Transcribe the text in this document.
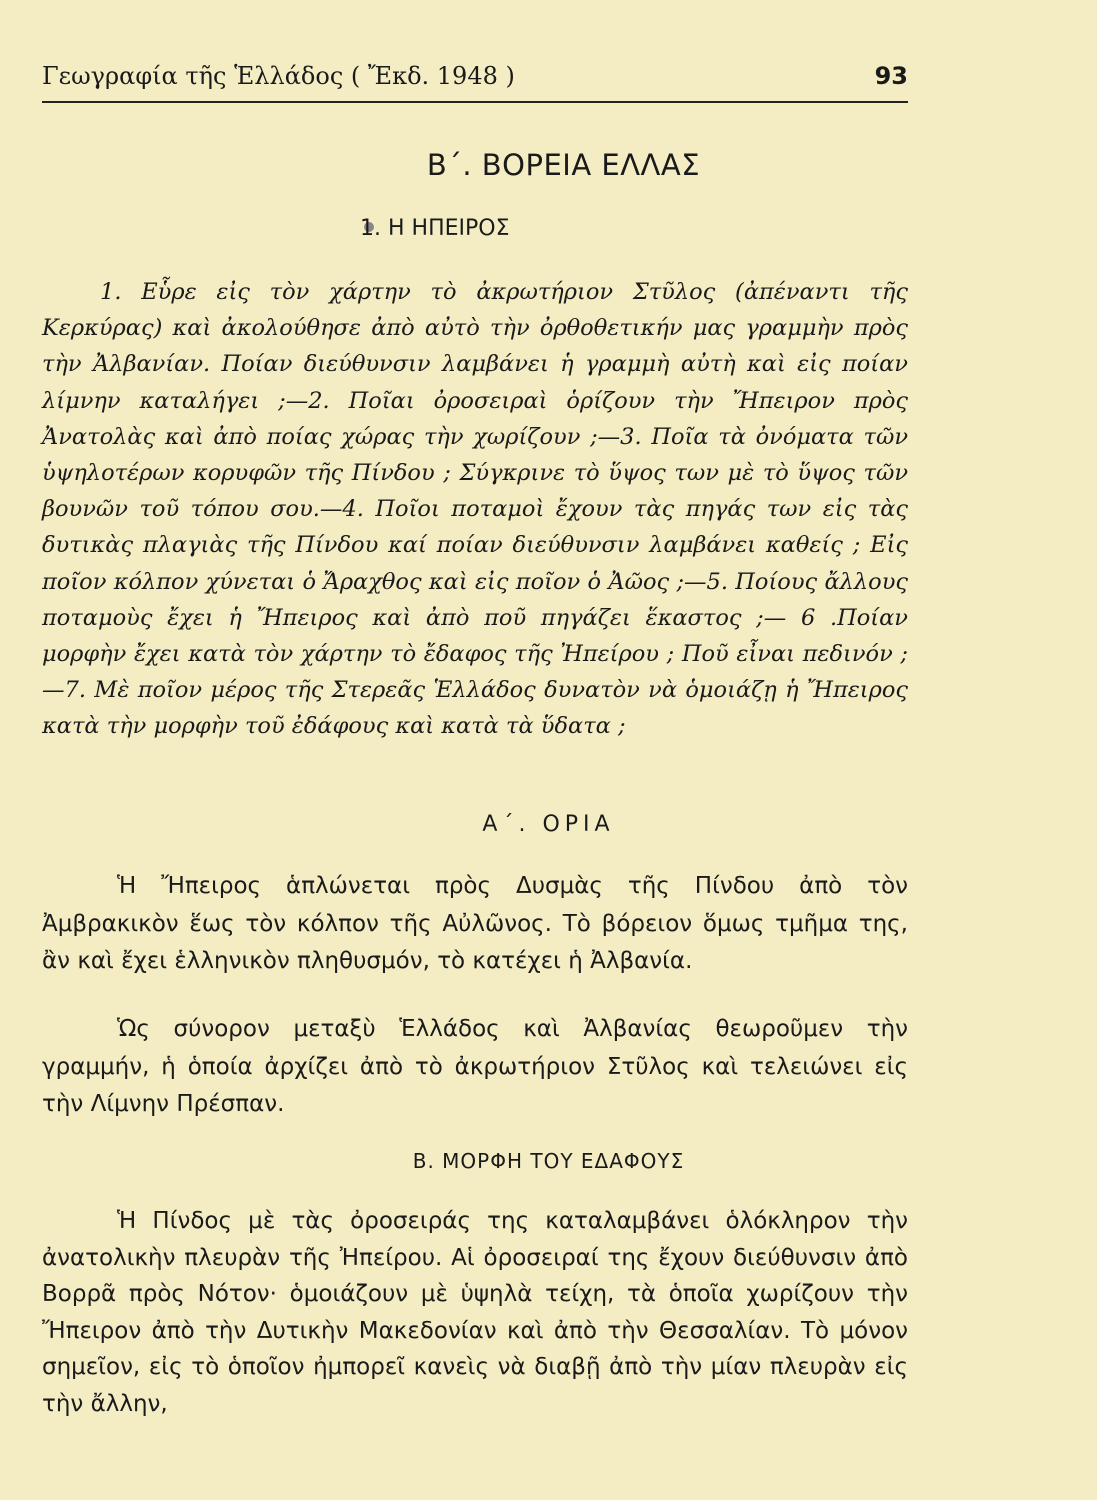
Γεωγραφία τῆς Ἑλλάδος ( Ἔκδ. 1948 )	93
Β΄. ΒΟΡΕΙΑ ΕΛΛΑΣ
1. Η ΗΠΕΙΡΟΣ

1. Εὗρε εἰς τὸν χάρτην τὸ ἀκρωτήριον Στῦλος (ἀπέναντι τῆς Κερκύρας) καὶ ἀκολούθησε ἀπὸ αὐτὸ τὴν ὀρθοθετικήν μας γραμμὴν πρὸς τὴν Ἀλβανίαν. Ποίαν διεύθυνσιν λαμβάνει ἡ γραμμὴ αὐτὴ καὶ εἰς ποίαν λίμνην καταλήγει ;—2. Ποῖαι ὀροσειραὶ ὁρίζουν τὴν Ἤπειρον πρὸς Ἀνατολὰς καὶ ἀπὸ ποίας χώρας τὴν χωρίζουν ;—3. Ποῖα τὰ ὀνόματα τῶν ὑψηλοτέρων κορυφῶν τῆς Πίνδου ; Σύγκρινε τὸ ὕψος των μὲ τὸ ὕψος τῶν βουνῶν τοῦ τόπου σου.—4. Ποῖοι ποταμοὶ ἔχουν τὰς πηγάς των εἰς τὰς δυτικὰς πλαγιὰς τῆς Πίνδου καί ποίαν διεύθυνσιν λαμβάνει καθείς ; Εἰς ποῖον κόλπον χύνεται ὁ Ἄραχθος καὶ εἰς ποῖον ὁ Ἀῶος ;—5. Ποίους ἄλλους ποταμοὺς ἔχει ἡ Ἤπειρος καὶ ἀπὸ ποῦ πηγάζει ἕκαστος ;— 6 .Ποίαν μορφὴν ἔχει κατὰ τὸν χάρτην τὸ ἔδαφος τῆς Ἠπείρου ; Ποῦ εἶναι πεδινόν ;—7. Μὲ ποῖον μέρος τῆς Στερεᾶς Ἑλλάδος δυνατὸν νὰ ὁμοιάζῃ ἡ Ἤπειρος κατὰ τὴν μορφὴν τοῦ ἐδάφους καὶ κατὰ τὰ ὕδατα ;

Α΄. ΟΡΙΑ

Ἡ Ἤπειρος ἁπλώνεται πρὸς Δυσμὰς τῆς Πίνδου ἀπὸ τὸν Ἀμβρακικὸν ἕως τὸν κόλπον τῆς Αὐλῶνος. Τὸ βόρειον ὅμως τμῆμα της, ἂν καὶ ἔχει ἑλληνικὸν πληθυσμόν, τὸ κατέχει ἡ Ἀλβανία.

Ὡς σύνορον μεταξὺ Ἑλλάδος καὶ Ἀλβανίας θεωροῦμεν τὴν γραμμήν, ἡ ὁποία ἀρχίζει ἀπὸ τὸ ἀκρωτήριον Στῦλος καὶ τελειώνει εἰς τὴν Λίμνην Πρέσπαν.

Β. ΜΟΡΦΗ ΤΟΥ ΕΔΑΦΟΥΣ

Ἡ Πίνδος μὲ τὰς ὀροσειράς της καταλαμβάνει ὁλόκληρον τὴν ἀνατολικὴν πλευρὰν τῆς Ἠπείρου. Αἱ ὀροσειραί της ἔχουν διεύθυνσιν ἀπὸ Βορρᾶ πρὸς Νότον· ὁμοιάζουν μὲ ὑψηλὰ τείχη, τὰ ὁποῖα χωρίζουν τὴν Ἤπειρον ἀπὸ τὴν Δυτικὴν Μακεδονίαν καὶ ἀπὸ τὴν Θεσσαλίαν. Τὸ μόνον σημεῖον, εἰς τὸ ὁποῖον ἠμπορεῖ κανεὶς νὰ διαβῇ ἀπὸ τὴν μίαν πλευρὰν εἰς τὴν ἄλλην,
